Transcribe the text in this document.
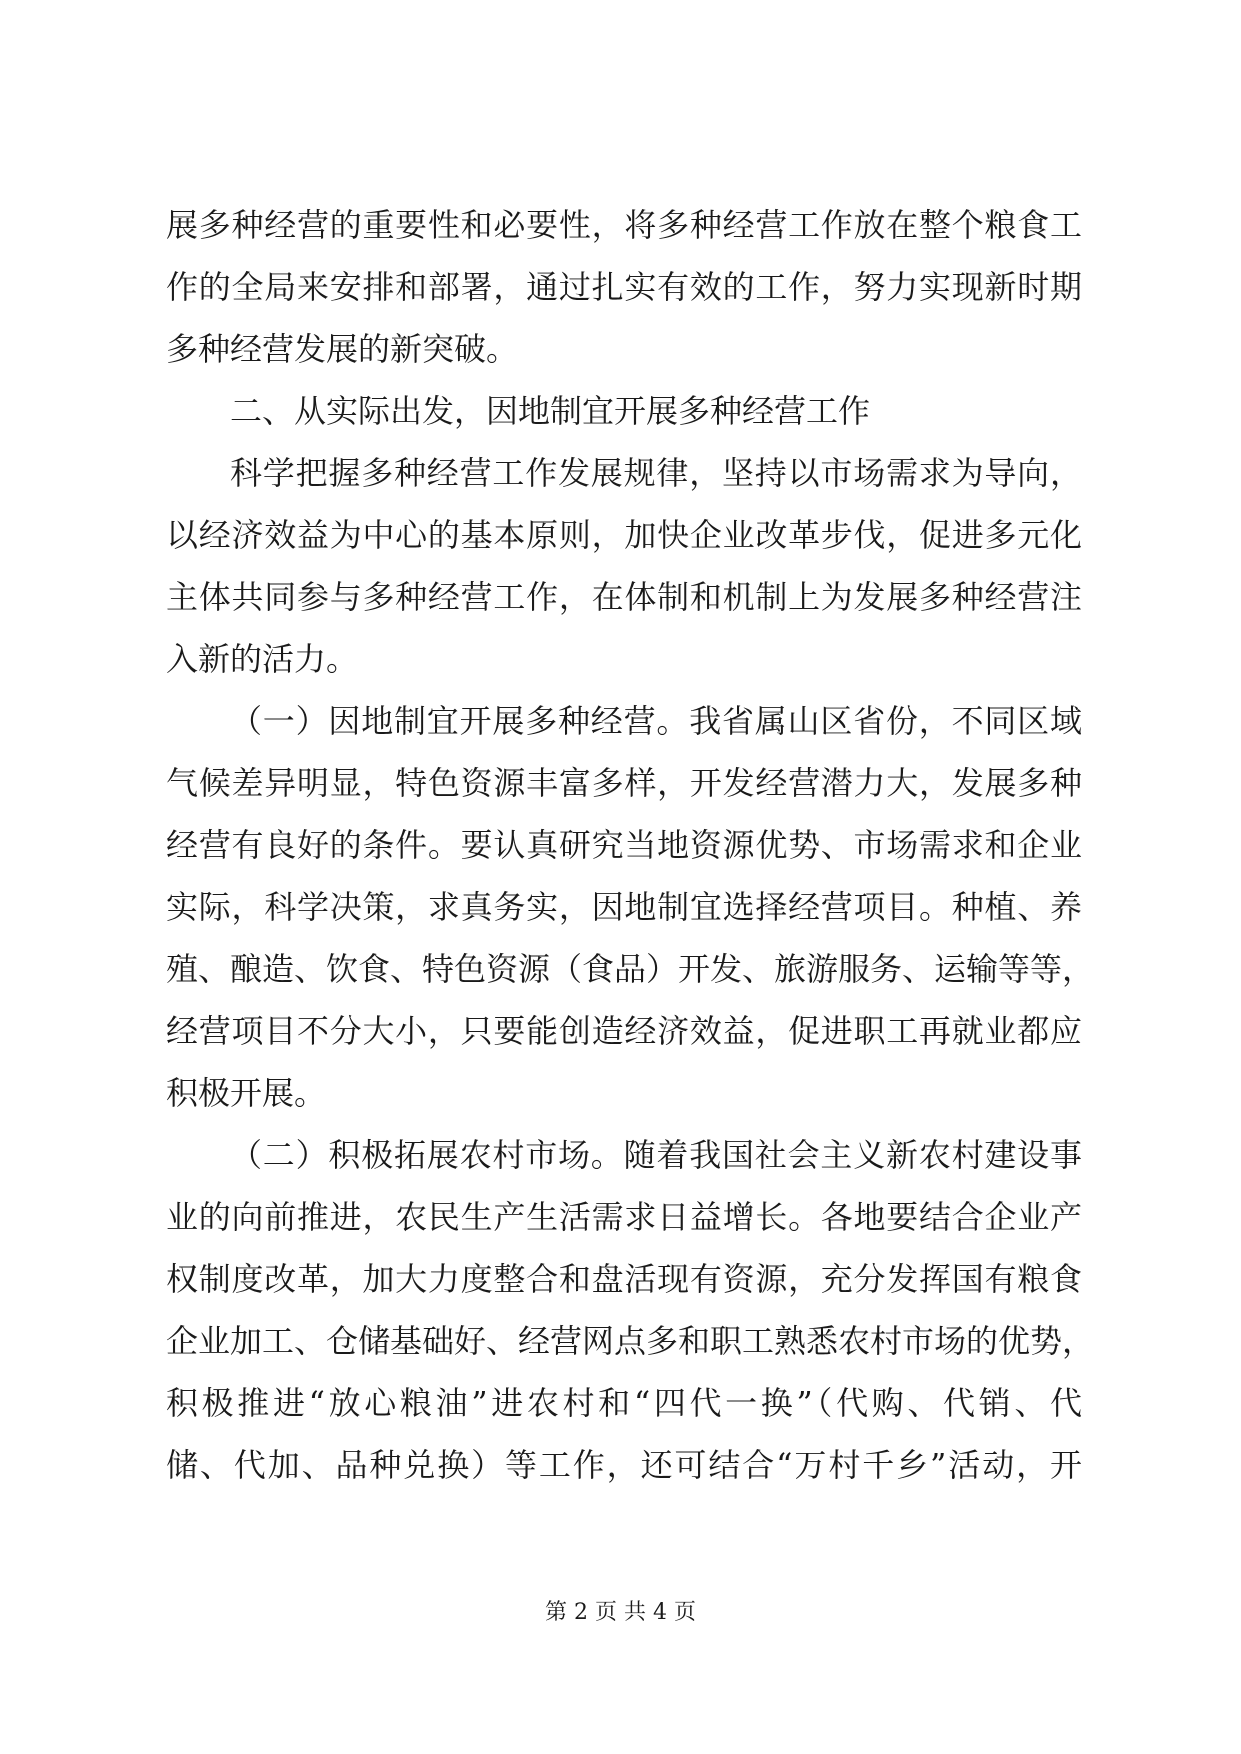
展多种经营的重要性和必要性，将多种经营工作放在整个粮食工
作的全局来安排和部署，通过扎实有效的工作，努力实现新时期
多种经营发展的新突破。
二、从实际出发，因地制宜开展多种经营工作
科学把握多种经营工作发展规律，坚持以市场需求为导向，
以经济效益为中心的基本原则，加快企业改革步伐，促进多元化
主体共同参与多种经营工作，在体制和机制上为发展多种经营注
入新的活力。
（一）因地制宜开展多种经营。我省属山区省份，不同区域
气候差异明显，特色资源丰富多样，开发经营潜力大，发展多种
经营有良好的条件。要认真研究当地资源优势、市场需求和企业
实际，科学决策，求真务实，因地制宜选择经营项目。种植、养
殖、酿造、饮食、特色资源（食品）开发、旅游服务、运输等等，
经营项目不分大小，只要能创造经济效益，促进职工再就业都应
积极开展。
（二）积极拓展农村市场。随着我国社会主义新农村建设事
业的向前推进，农民生产生活需求日益增长。各地要结合企业产
权制度改革，加大力度整合和盘活现有资源，充分发挥国有粮食
企业加工、仓储基础好、经营网点多和职工熟悉农村市场的优势，
积极推进“放心粮油”进农村和“四代一换”（代购、代销、代
储、代加、品种兑换）等工作，还可结合“万村千乡”活动，开
第 2 页 共 4 页
